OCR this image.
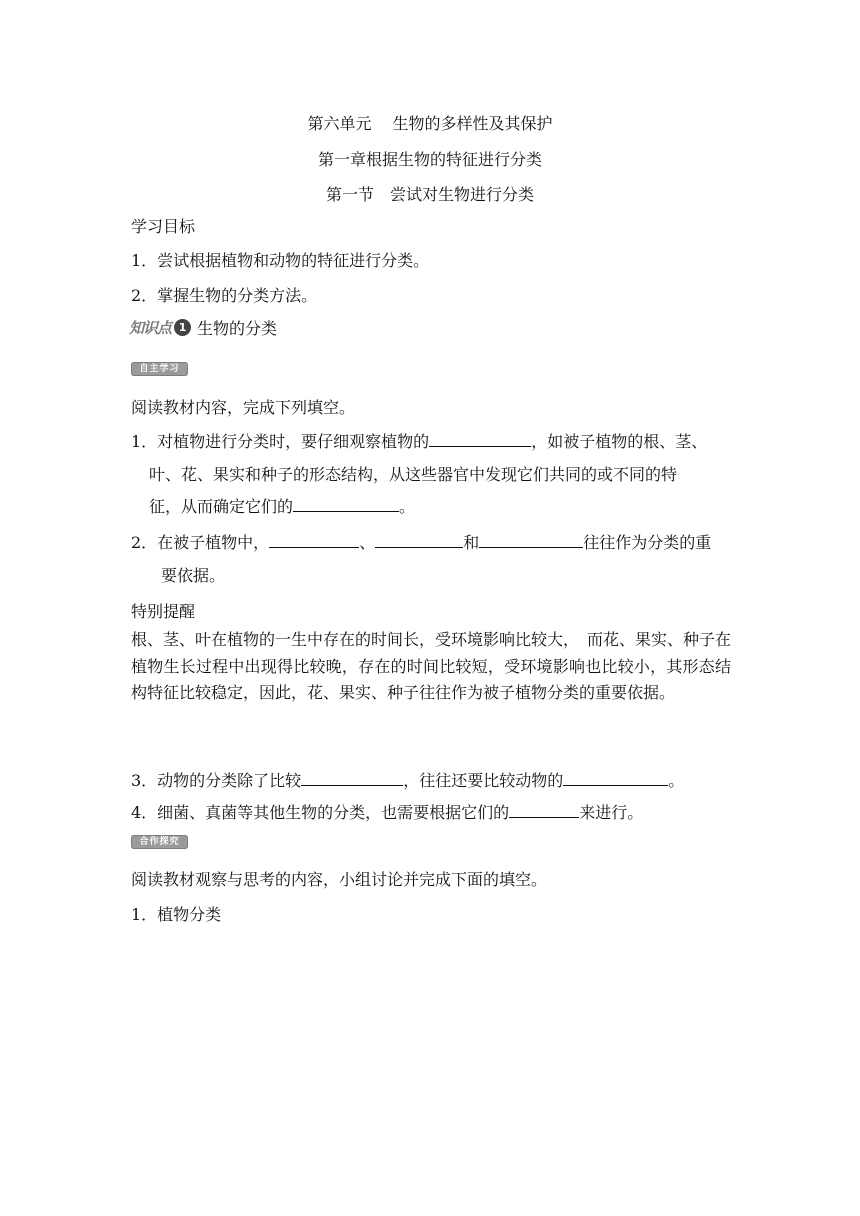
第六单元　 生物的多样性及其保护
第一章根据生物的特征进行分类
第一节　尝试对生物进行分类
学习目标
1．尝试根据植物和动物的特征进行分类。
2．掌握生物的分类方法。
知识点 1 生物的分类
自主学习
阅读教材内容，完成下列填空。
1．对植物进行分类时，要仔细观察植物的	，如被子植物的根、茎、
叶、花、果实和种子的形态结构，从这些器官中发现它们共同的或不同的特
征，从而确定它们的	。
2．在被子植物中，	、	和	往往作为分类的重
要依据。
特别提醒
根、茎、叶在植物的一生中存在的时间长，受环境影响比较大，　而花、果实、种子在植物生长过程中出现得比较晚，存在的时间比较短，受环境影响也比较小，其形态结构特征比较稳定，因此，花、果实、种子往往作为被子植物分类的重要依据。
3．动物的分类除了比较	，往往还要比较动物的	。
4．细菌、真菌等其他生物的分类，也需要根据它们的	来进行。
合作探究
阅读教材观察与思考的内容，小组讨论并完成下面的填空。
1．植物分类
